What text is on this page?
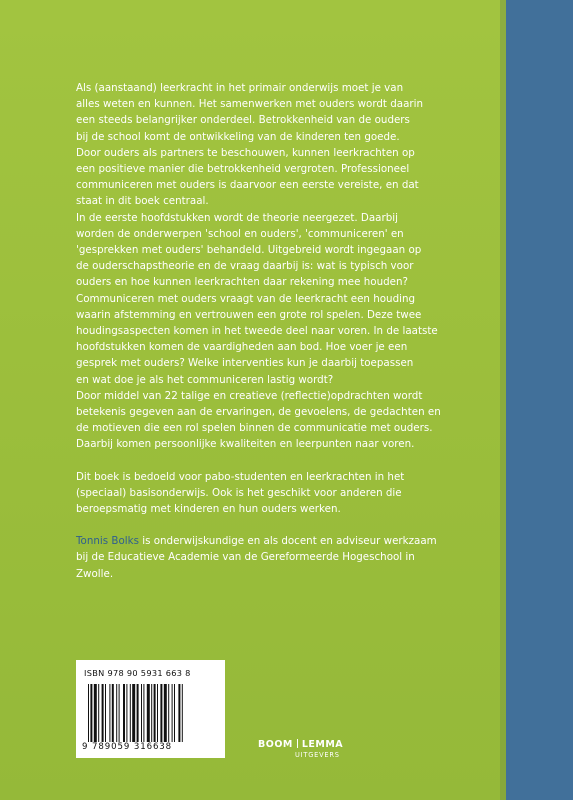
Als (aanstaand) leerkracht in het primair onderwijs moet je van

alles weten en kunnen. Het samenwerken met ouders wordt daarin

een steeds belangrijker onderdeel. Betrokkenheid van de ouders

bij de school komt de ontwikkeling van de kinderen ten goede.

Door ouders als partners te beschouwen, kunnen leerkrachten op

een positieve manier die betrokkenheid vergroten. Professioneel

communiceren met ouders is daarvoor een eerste vereiste, en dat

staat in dit boek centraal.

In de eerste hoofdstukken wordt de theorie neergezet. Daarbij

worden de onderwerpen 'school en ouders', 'communiceren' en

'gesprekken met ouders' behandeld. Uitgebreid wordt ingegaan op

de ouderschapstheorie en de vraag daarbij is: wat is typisch voor

ouders en hoe kunnen leerkrachten daar rekening mee houden?

Communiceren met ouders vraagt van de leerkracht een houding

waarin afstemming en vertrouwen een grote rol spelen. Deze twee

houdingsaspecten komen in het tweede deel naar voren. In de laatste

hoofdstukken komen de vaardigheden aan bod. Hoe voer je een

gesprek met ouders? Welke interventies kun je daarbij toepassen

en wat doe je als het communiceren lastig wordt?

Door middel van 22 talige en creatieve (reflectie)opdrachten wordt

betekenis gegeven aan de ervaringen, de gevoelens, de gedachten en

de motieven die een rol spelen binnen de communicatie met ouders.

Daarbij komen persoonlijke kwaliteiten en leerpunten naar voren.

Dit boek is bedoeld voor pabo-studenten en leerkrachten in het

(speciaal) basisonderwijs. Ook is het geschikt voor anderen die

beroepsmatig met kinderen en hun ouders werken.

Tonnis Bolks is onderwijskundige en als docent en adviseur werkzaam

bij de Educatieve Academie van de Gereformeerde Hogeschool in

Zwolle.

ISBN 978 90 5931 663 8
9 789059 316638	BOOM LEMMA
UITGEVERS
